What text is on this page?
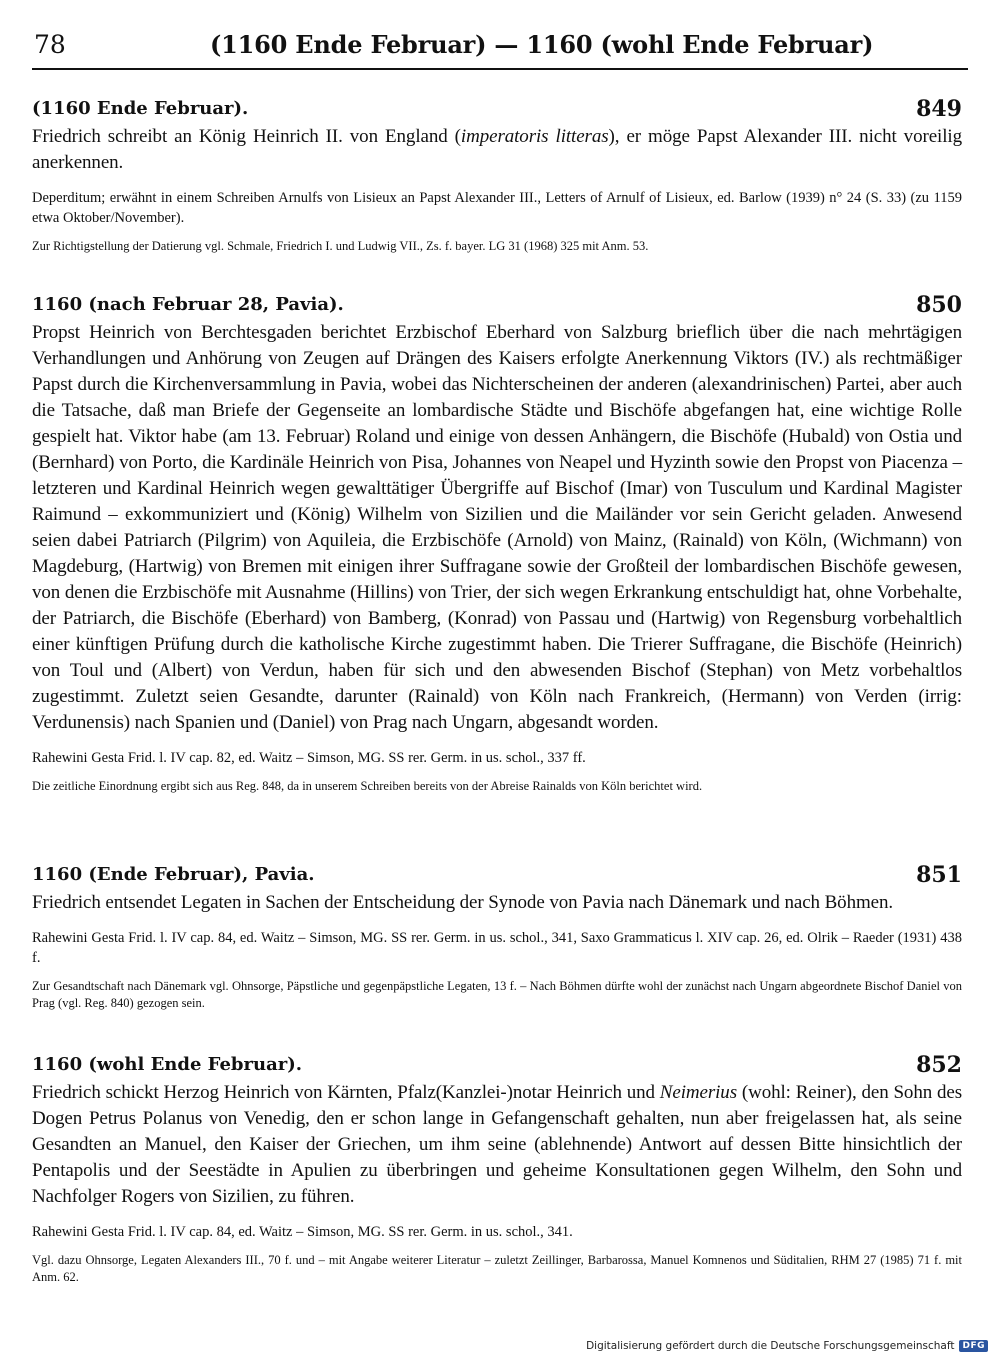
78	(1160 Ende Februar) — 1160 (wohl Ende Februar)
(1160 Ende Februar).	849

Friedrich schreibt an König Heinrich II. von England (imperatoris litteras), er möge Papst Alexander III. nicht voreilig anerkennen.

Deperditum; erwähnt in einem Schreiben Arnulfs von Lisieux an Papst Alexander III., Letters of Arnulf of Lisieux, ed. Barlow (1939) n° 24 (S. 33) (zu 1159 etwa Oktober/November).

Zur Richtigstellung der Datierung vgl. Schmale, Friedrich I. und Ludwig VII., Zs. f. bayer. LG 31 (1968) 325 mit Anm. 53.

1160 (nach Februar 28, Pavia).	850

Propst Heinrich von Berchtesgaden berichtet Erzbischof Eberhard von Salzburg brieflich über die nach mehrtägigen Verhandlungen und Anhörung von Zeugen auf Drängen des Kaisers erfolgte Anerkennung Viktors (IV.) als rechtmäßiger Papst durch die Kirchenversammlung in Pavia, wobei das Nichterscheinen der anderen (alexandrinischen) Partei, aber auch die Tatsache, daß man Briefe der Gegenseite an lombardische Städte und Bischöfe abgefangen hat, eine wichtige Rolle gespielt hat. Viktor habe (am 13. Februar) Roland und einige von dessen Anhängern, die Bischöfe (Hubald) von Ostia und (Bernhard) von Porto, die Kardinäle Heinrich von Pisa, Johannes von Neapel und Hyzinth sowie den Propst von Piacenza – letzteren und Kardinal Heinrich wegen gewalttätiger Übergriffe auf Bischof (Imar) von Tusculum und Kardinal Magister Raimund – exkommuniziert und (König) Wilhelm von Sizilien und die Mailänder vor sein Gericht geladen. Anwesend seien dabei Patriarch (Pilgrim) von Aquileia, die Erzbischöfe (Arnold) von Mainz, (Rainald) von Köln, (Wichmann) von Magdeburg, (Hartwig) von Bremen mit einigen ihrer Suffragane sowie der Großteil der lombardischen Bischöfe gewesen, von denen die Erzbischöfe mit Ausnahme (Hillins) von Trier, der sich wegen Erkrankung entschuldigt hat, ohne Vorbehalte, der Patriarch, die Bischöfe (Eberhard) von Bamberg, (Konrad) von Passau und (Hartwig) von Regensburg vorbehaltlich einer künftigen Prüfung durch die katholische Kirche zugestimmt haben. Die Trierer Suffragane, die Bischöfe (Heinrich) von Toul und (Albert) von Verdun, haben für sich und den abwesenden Bischof (Stephan) von Metz vorbehaltlos zugestimmt. Zuletzt seien Gesandte, darunter (Rainald) von Köln nach Frankreich, (Hermann) von Verden (irrig: Verdunensis) nach Spanien und (Daniel) von Prag nach Ungarn, abgesandt worden.

Rahewini Gesta Frid. l. IV cap. 82, ed. Waitz – Simson, MG. SS rer. Germ. in us. schol., 337 ff.

Die zeitliche Einordnung ergibt sich aus Reg. 848, da in unserem Schreiben bereits von der Abreise Rainalds von Köln berichtet wird.

1160 (Ende Februar), Pavia.	851

Friedrich entsendet Legaten in Sachen der Entscheidung der Synode von Pavia nach Dänemark und nach Böhmen.

Rahewini Gesta Frid. l. IV cap. 84, ed. Waitz – Simson, MG. SS rer. Germ. in us. schol., 341, Saxo Grammaticus l. XIV cap. 26, ed. Olrik – Raeder (1931) 438 f.

Zur Gesandtschaft nach Dänemark vgl. Ohnsorge, Päpstliche und gegenpäpstliche Legaten, 13 f. – Nach Böhmen dürfte wohl der zunächst nach Ungarn abgeordnete Bischof Daniel von Prag (vgl. Reg. 840) gezogen sein.

1160 (wohl Ende Februar).	852

Friedrich schickt Herzog Heinrich von Kärnten, Pfalz(Kanzlei-)notar Heinrich und Neimerius (wohl: Reiner), den Sohn des Dogen Petrus Polanus von Venedig, den er schon lange in Gefangenschaft gehalten, nun aber freigelassen hat, als seine Gesandten an Manuel, den Kaiser der Griechen, um ihm seine (ablehnende) Antwort auf dessen Bitte hinsichtlich der Pentapolis und der Seestädte in Apulien zu überbringen und geheime Konsultationen gegen Wilhelm, den Sohn und Nachfolger Rogers von Sizilien, zu führen.

Rahewini Gesta Frid. l. IV cap. 84, ed. Waitz – Simson, MG. SS rer. Germ. in us. schol., 341.

Vgl. dazu Ohnsorge, Legaten Alexanders III., 70 f. und – mit Angabe weiterer Literatur – zuletzt Zeillinger, Barbarossa, Manuel Komnenos und Süditalien, RHM 27 (1985) 71 f. mit Anm. 62.

Digitalisierung gefördert durch die Deutsche Forschungsgemeinschaft DFG
